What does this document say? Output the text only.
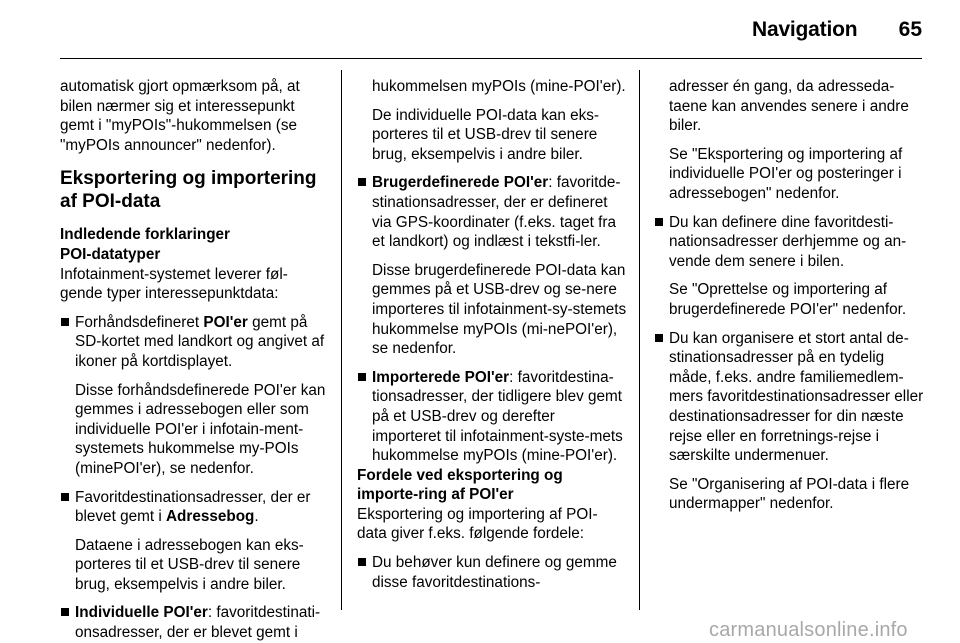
Navigation	65

automatisk gjort opmærksom på, at bilen nærmer sig et interessepunkt gemt i "myPOIs"-hukommelsen (se "myPOIs announcer" nedenfor).

Eksportering og importering af POI-data

Indledende forklaringer

POI-datatyper

Infotainment-systemet leverer føl-gende typer interessepunktdata:

Forhåndsdefineret POI'er gemt på SD-kortet med landkort og angivet af ikoner på kortdisplayet.

Disse forhåndsdefinerede POI'er kan gemmes i adressebogen eller som individuelle POI'er i infotain-ment-systemets hukommelse my-POIs (minePOI'er), se nedenfor.

Favoritdestinationsadresser, der er blevet gemt i Adressebog.

Dataene i adressebogen kan eks-porteres til et USB-drev til senere brug, eksempelvis i andre biler.

Individuelle POI'er: favoritdestinati-onsadresser, der er blevet gemt i

hukommelsen myPOIs (mine-POI'er).

De individuelle POI-data kan eks-porteres til et USB-drev til senere brug, eksempelvis i andre biler.

Brugerdefinerede POI'er: favoritde-stinationsadresser, der er defineret via GPS-koordinater (f.eks. taget fra et landkort) og indlæst i tekstfi-ler.

Disse brugerdefinerede POI-data kan gemmes på et USB-drev og se-nere importeres til infotainment-sy-stemets hukommelse myPOIs (mi-nePOI'er), se nedenfor.

Importerede POI'er: favoritdestina-tionsadresser, der tidligere blev gemt på et USB-drev og derefter importeret til infotainment-syste-mets hukommelse myPOIs (mine-POI'er).

Fordele ved eksportering og importe-ring af POI'er

Eksportering og importering af POI-data giver f.eks. følgende fordele:

Du behøver kun definere og gemme disse favoritdestinations-

adresser én gang, da adresseda-taene kan anvendes senere i andre biler.

Se "Eksportering og importering af individuelle POI'er og posteringer i adressebogen" nedenfor.

Du kan definere dine favoritdesti-nationsadresser derhjemme og an-vende dem senere i bilen.

Se "Oprettelse og importering af brugerdefinerede POI'er" nedenfor.

Du kan organisere et stort antal de-stinationsadresser på en tydelig måde, f.eks. andre familiemedlem-mers favoritdestinationsadresser eller destinationsadresser for din næste rejse eller en forretnings-rejse i særskilte undermenuer.

Se "Organisering af POI-data i flere undermapper" nedenfor.

carmanualsonline.info
